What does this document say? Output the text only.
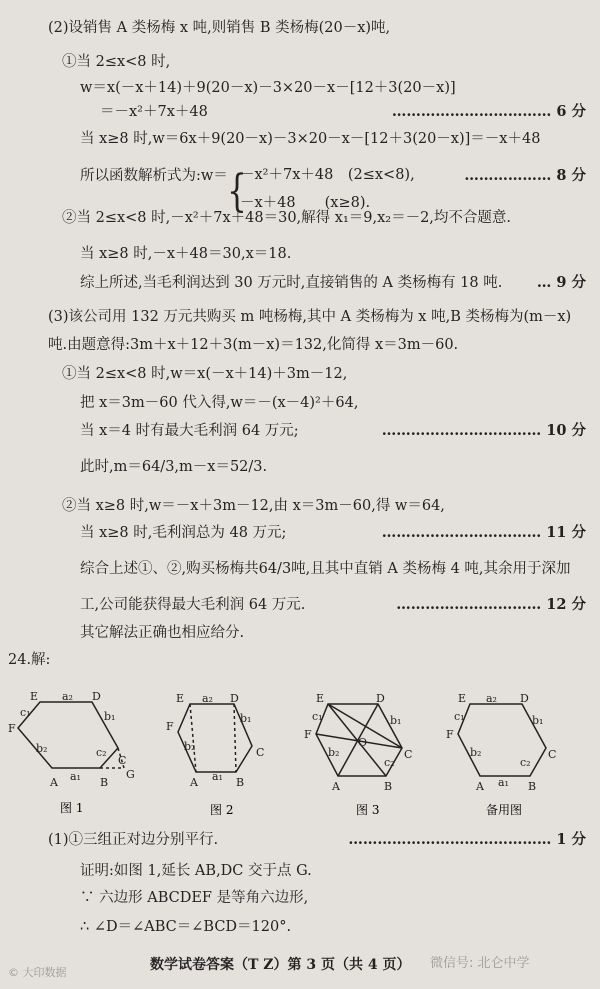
(2)设销售 A 类杨梅 x 吨,则销售 B 类杨梅(20－x)吨,
①当 2≤x<8 时,
w＝x(－x＋14)＋9(20－x)－3×20－x－[12＋3(20－x)]
＝－x²＋7x＋48
当 x≥8 时,w＝6x＋9(20－x)－3×20－x－[12＋3(20－x)]＝－x＋48
所以函数解析式为:w＝
②当 2≤x<8 时,－x²＋7x＋48＝30,解得 x₁＝9,x₂＝－2,均不合题意.
当 x≥8 时,－x＋48＝30,x＝18.
综上所述,当毛利润达到 30 万元时,直接销售的 A 类杨梅有 18 吨.
(3)该公司用 132 万元共购买 m 吨杨梅,其中 A 类杨梅为 x 吨,B 类杨梅为(m－x)
吨.由题意得:3m＋x＋12＋3(m－x)＝132,化简得 x＝3m－60.
①当 2≤x<8 时,w＝x(－x＋14)＋3m－12,
把 x＝3m－60 代入得,w＝－(x－4)²＋64,
当 x＝4 时有最大毛利润 64 万元;
此时,m＝64/3,m－x＝52/3.
②当 x≥8 时,w＝－x＋3m－12,由 x＝3m－60,得 w＝64,
当 x≥8 时,毛利润总为 48 万元;
综合上述①、②,购买杨梅共64/3吨,且其中直销 A 类杨梅 4 吨,其余用于深加
工,公司能获得最大毛利润 64 万元.
其它解法正确也相应给分.
24.解:
(1)①三组正对边分别平行.
证明:如图 1,延长 AB,DC 交于点 G.
∵ 六边形 ABCDEF 是等角六边形,
∴ ∠D＝∠ABC＝∠BCD＝120°.
{
－x²＋7x＋48　(2≤x<8),
－x＋48　　(x≥8).
…………………………… 6 分
……………… 8 分
… 9 分
…………………………… 10 分
…………………………… 11 分
………………………… 12 分
…………………………………… 1 分
E	D
F
A	B
C
G
a₂
b₁
c₁
b₂	c₂
a₁
图 1
E	D
F
C
A	B
a₂
b₁
b₂
a₁
图 2
E	D
F
C
A	B
O
c₁	b₁
b₂
c₂
图 3
E	D
F
C
A	B
a₂
b₁
c₁
b₂
c₂
a₁
备用图
数学试卷答案（T Z）第 3 页（共 4 页）
© 大印数据
微信号: 北仑中学
